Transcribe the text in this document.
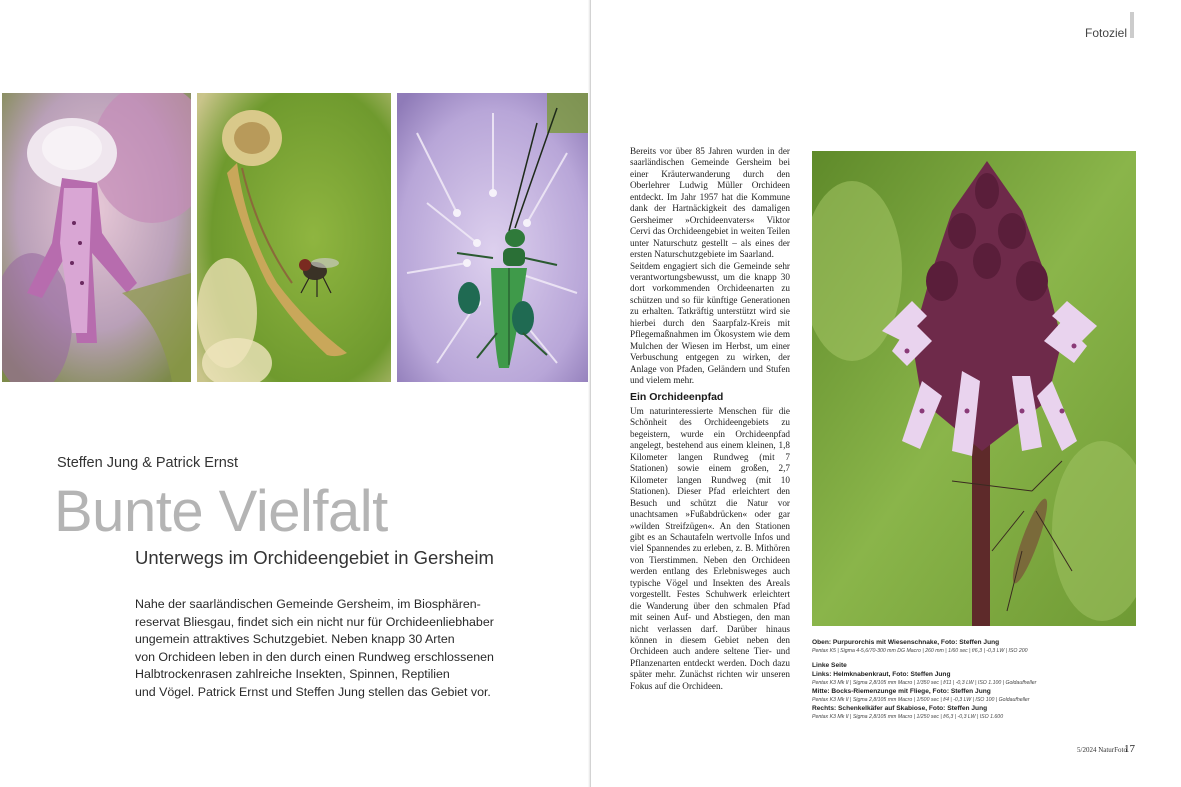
Steffen Jung & Patrick Ernst
Bunte Vielfalt
Unterwegs im Orchideengebiet in Gersheim
Nahe der saarländischen Gemeinde Gersheim, im Biosphären-
reservat Bliesgau, findet sich ein nicht nur für Orchideenliebhaber
ungemein attraktives Schutzgebiet. Neben knapp 30 Arten
von Orchideen leben in den durch einen Rundweg erschlossenen
Halbtrockenrasen zahlreiche Insekten, Spinnen, Reptilien
und Vögel. Patrick Ernst und Steffen Jung stellen das Gebiet vor.
Fotoziel

Bereits vor über 85 Jahren wurden in der saarländischen Gemeinde Gersheim bei einer Kräuterwanderung durch den Oberlehrer Ludwig Müller Orchideen entdeckt. Im Jahr 1957 hat die Kommune dank der Hartnäckigkeit des damaligen Gersheimer »Orchideenvaters« Viktor Cervi das Orchideengebiet in weiten Teilen unter Naturschutz gestellt – als eines der ersten Naturschutzgebiete im Saarland.

Seitdem engagiert sich die Gemeinde sehr verantwortungsbewusst, um die knapp 30 dort vorkommenden Orchideenarten zu schützen und so für künftige Generationen zu erhalten. Tatkräftig unterstützt wird sie hierbei durch den Saarpfalz-Kreis mit Pflegemaßnahmen im Ökosystem wie dem Mulchen der Wiesen im Herbst, um einer Verbuschung entgegen zu wirken, der Anlage von Pfaden, Geländern und Stufen und vielem mehr.

Ein Orchideenpfad

Um naturinteressierte Menschen für die Schönheit des Orchideengebiets zu begeistern, wurde ein Orchideenpfad angelegt, bestehend aus einem kleinen, 1,8 Kilometer langen Rundweg (mit 7 Stationen) sowie einem großen, 2,7 Kilometer langen Rundweg (mit 10 Stationen). Dieser Pfad erleichtert den Besuch und schützt die Natur vor unachtsamen »Fußabdrücken« oder gar »wilden Streifzügen«. An den Stationen gibt es an Schautafeln wertvolle Infos und viel Spannendes zu erleben, z. B. Mithören von Tierstimmen. Neben den Orchideen werden entlang des Erlebnisweges auch typische Vögel und Insekten des Areals vorgestellt. Festes Schuhwerk erleichtert die Wanderung über den schmalen Pfad mit seinen Auf- und Abstiegen, den man nicht verlassen darf. Darüber hinaus können in diesem Gebiet neben den Orchideen auch andere seltene Tier- und Pflanzenarten entdeckt werden. Doch dazu später mehr. Zunächst richten wir unseren Fokus auf die Orchideen.

Oben: Purpurorchis mit Wiesenschnake, Foto: Steffen Jung
Pentax K5 | Sigma 4-5,6/70-300 mm DG Macro | 260 mm | 1/60 sec | f/6,3 | -0,3 LW | ISO 200
Linke Seite
Links: Helmknabenkraut, Foto: Steffen Jung
Pentax K3 Mk II | Sigma 2,8/105 mm Macro | 1/350 sec | f/11 | -0,3 LW | ISO 1.100 | Goldaufheller
Mitte: Bocks-Riemenzunge mit Fliege, Foto: Steffen Jung
Pentax K3 Mk II | Sigma 2,8/105 mm Macro | 1/500 sec | f/4 | -0,3 LW | ISO 100 | Goldaufheller
Rechts: Schenkelkäfer auf Skabiose, Foto: Steffen Jung
Pentax K3 Mk II | Sigma 2,8/105 mm Macro | 1/250 sec | f/6,3 | -0,3 LW | ISO 1.600
5/2024 NaturFoto
17
